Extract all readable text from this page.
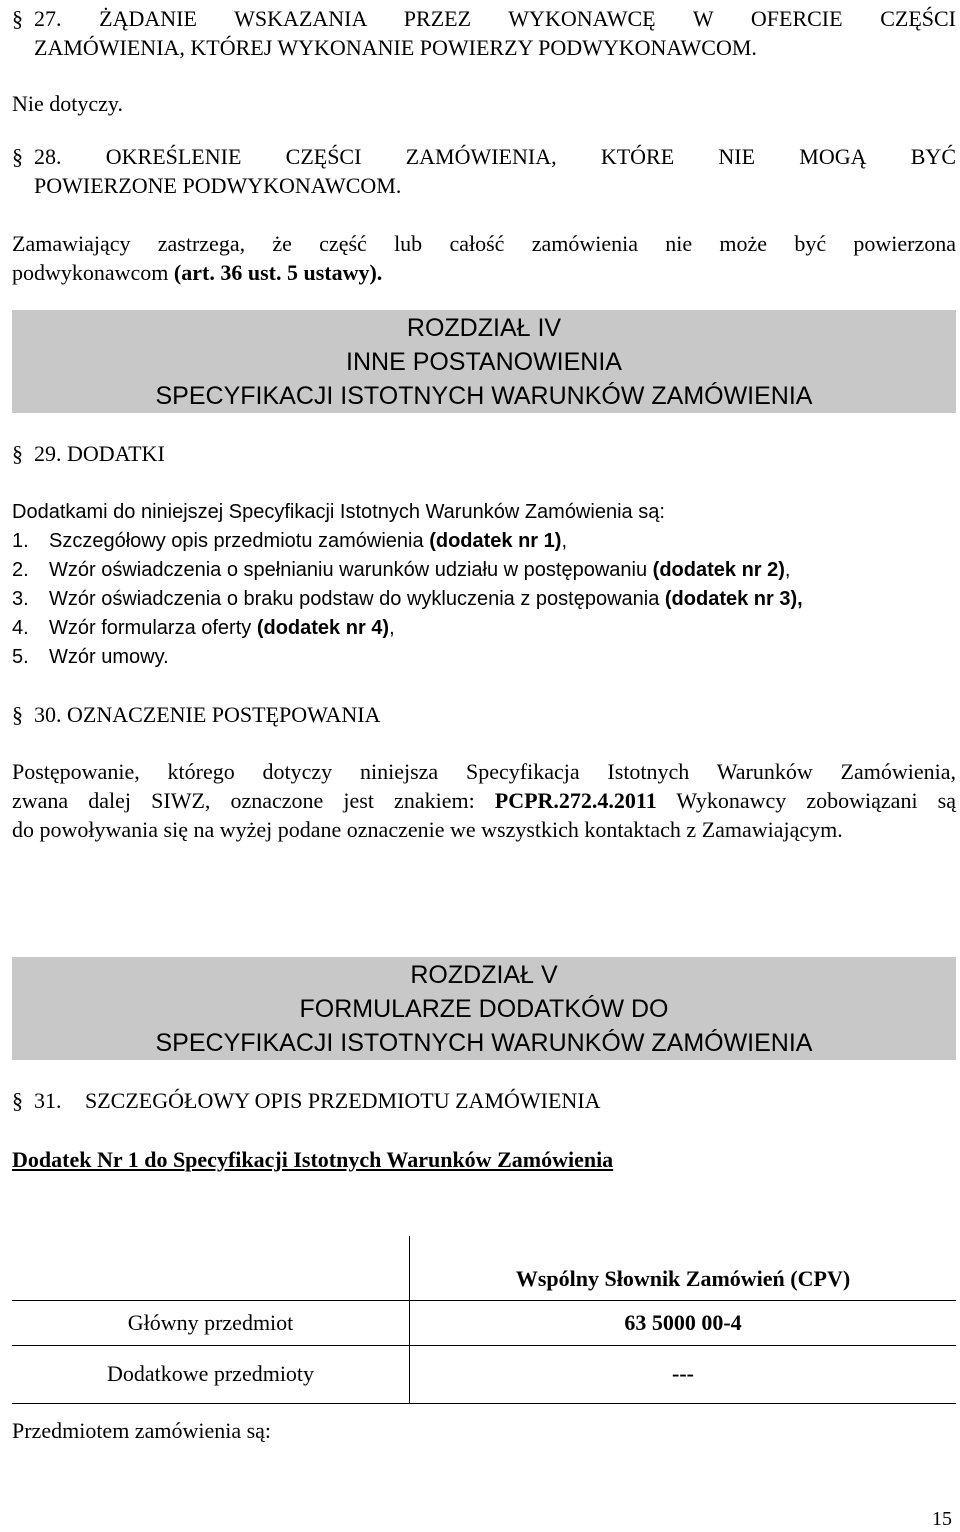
§ 27. ŻĄDANIE WSKAZANIA PRZEZ WYKONAWCĘ W OFERCIE CZĘŚCI
ZAMÓWIENIA, KTÓREJ WYKONANIE POWIERZY PODWYKONAWCOM.
Nie dotyczy.
§ 28. OKREŚLENIE CZĘŚCI ZAMÓWIENIA, KTÓRE NIE MOGĄ BYĆ
POWIERZONE PODWYKONAWCOM.
Zamawiający zastrzega, że część lub całość zamówienia nie może być powierzona
podwykonawcom (art. 36 ust. 5 ustawy).
ROZDZIAŁ IV
INNE POSTANOWIENIA
SPECYFIKACJI ISTOTNYCH WARUNKÓW ZAMÓWIENIA
§ 29. DODATKI
Dodatkami do niniejszej Specyfikacji Istotnych Warunków Zamówienia są:
1. Szczegółowy opis przedmiotu zamówienia (dodatek nr 1),
2. Wzór oświadczenia o spełnianiu warunków udziału w postępowaniu (dodatek nr 2),
3. Wzór oświadczenia o braku podstaw do wykluczenia z postępowania (dodatek nr 3),
4. Wzór formularza oferty (dodatek nr 4),
5. Wzór umowy.
§ 30. OZNACZENIE POSTĘPOWANIA
Postępowanie, którego dotyczy niniejsza Specyfikacja Istotnych Warunków Zamówienia,
zwana dalej SIWZ, oznaczone jest znakiem: PCPR.272.4.2011 Wykonawcy zobowiązani są
do powoływania się na wyżej podane oznaczenie we wszystkich kontaktach z Zamawiającym.
ROZDZIAŁ V
FORMULARZE DODATKÓW DO
SPECYFIKACJI ISTOTNYCH WARUNKÓW ZAMÓWIENIA
§ 31. SZCZEGÓŁOWY OPIS PRZEDMIOTU ZAMÓWIENIA
Dodatek Nr 1 do Specyfikacji Istotnych Warunków Zamówienia
	Wspólny Słownik Zamówień (CPV)
Główny przedmiot	63 5000 00-4
Dodatkowe przedmioty	---
Przedmiotem zamówienia są:
15
